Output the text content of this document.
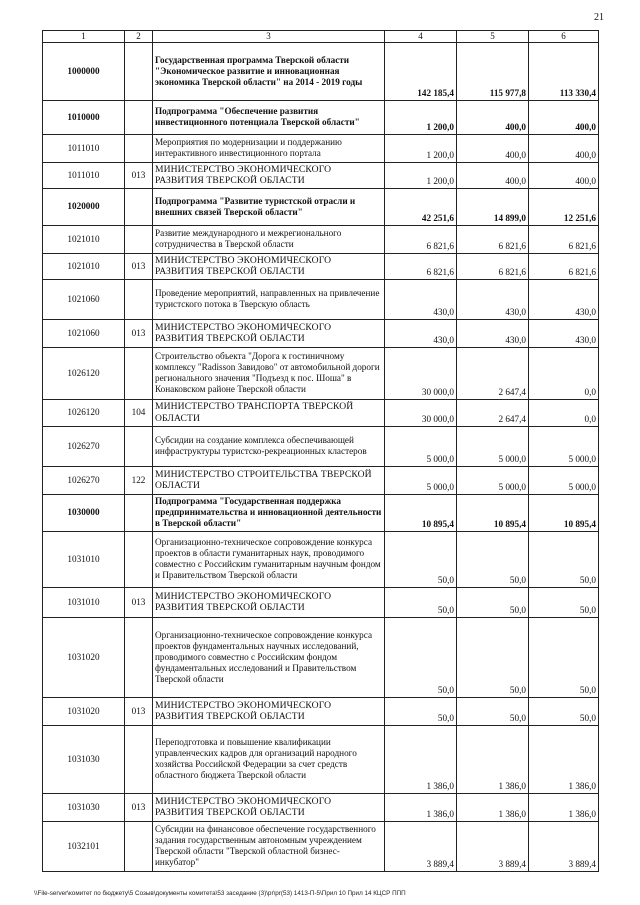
21
1	2	3	4	5	6
1000000		Государственная программа Тверской области "Экономическое развитие и инновационная экономика Тверской области" на 2014 - 2019 годы	142 185,4	115 977,8	113 330,4
1010000		Подпрограмма "Обеспечение развития инвестиционного потенциала Тверской области"	1 200,0	400,0	400,0
1011010		Мероприятия по модернизации и поддержанию интерактивного инвестиционного портала	1 200,0	400,0	400,0
1011010	013	МИНИСТЕРСТВО ЭКОНОМИЧЕСКОГО РАЗВИТИЯ ТВЕРСКОЙ ОБЛАСТИ	1 200,0	400,0	400,0
1020000		Подпрограмма "Развитие туристской отрасли и внешних связей Тверской области"	42 251,6	14 899,0	12 251,6
1021010		Развитие международного и межрегионального сотрудничества в Тверской области	6 821,6	6 821,6	6 821,6
1021010	013	МИНИСТЕРСТВО ЭКОНОМИЧЕСКОГО РАЗВИТИЯ ТВЕРСКОЙ ОБЛАСТИ	6 821,6	6 821,6	6 821,6
1021060		Проведение мероприятий, направленных на привлечение туристского потока в Тверскую область	430,0	430,0	430,0
1021060	013	МИНИСТЕРСТВО ЭКОНОМИЧЕСКОГО РАЗВИТИЯ ТВЕРСКОЙ ОБЛАСТИ	430,0	430,0	430,0
1026120		Строительство объекта "Дорога к гостиничному комплексу "Radisson Завидово" от автомобильной дороги регионального значения "Подъезд к пос. Шоша" в Конаковском районе Тверской области	30 000,0	2 647,4	0,0
1026120	104	МИНИСТЕРСТВО ТРАНСПОРТА ТВЕРСКОЙ ОБЛАСТИ	30 000,0	2 647,4	0,0
1026270		Субсидии на создание комплекса обеспечивающей инфраструктуры туристско-рекреационных кластеров	5 000,0	5 000,0	5 000,0
1026270	122	МИНИСТЕРСТВО СТРОИТЕЛЬСТВА ТВЕРСКОЙ ОБЛАСТИ	5 000,0	5 000,0	5 000,0
1030000		Подпрограмма "Государственная поддержка предпринимательства и инновационной деятельности в Тверской области"	10 895,4	10 895,4	10 895,4
1031010		Организационно-техническое сопровождение конкурса проектов в области гуманитарных наук, проводимого совместно с Российским гуманитарным научным фондом и Правительством Тверской области	50,0	50,0	50,0
1031010	013	МИНИСТЕРСТВО ЭКОНОМИЧЕСКОГО РАЗВИТИЯ ТВЕРСКОЙ ОБЛАСТИ	50,0	50,0	50,0
1031020		Организационно-техническое сопровождение конкурса проектов фундаментальных научных исследований, проводимого совместно с Российским фондом фундаментальных исследований и Правительством Тверской области	50,0	50,0	50,0
1031020	013	МИНИСТЕРСТВО ЭКОНОМИЧЕСКОГО РАЗВИТИЯ ТВЕРСКОЙ ОБЛАСТИ	50,0	50,0	50,0
1031030		Переподготовка и повышение квалификации управленческих кадров для организаций народного хозяйства Российской Федерации за счет средств областного бюджета Тверской области	1 386,0	1 386,0	1 386,0
1031030	013	МИНИСТЕРСТВО ЭКОНОМИЧЕСКОГО РАЗВИТИЯ ТВЕРСКОЙ ОБЛАСТИ	1 386,0	1 386,0	1 386,0
1032101		Субсидии на финансовое обеспечение государственного задания государственным автономным учреждением Тверской области "Тверской областной бизнес-инкубатор"	3 889,4	3 889,4	3 889,4
\\File-server\комитет по бюджету\5 Созыв\документы комитета\53 заседание (3)\pr\pr(53) 1413-П-5\Прил 10 Прил 14 КЦСР ППП
